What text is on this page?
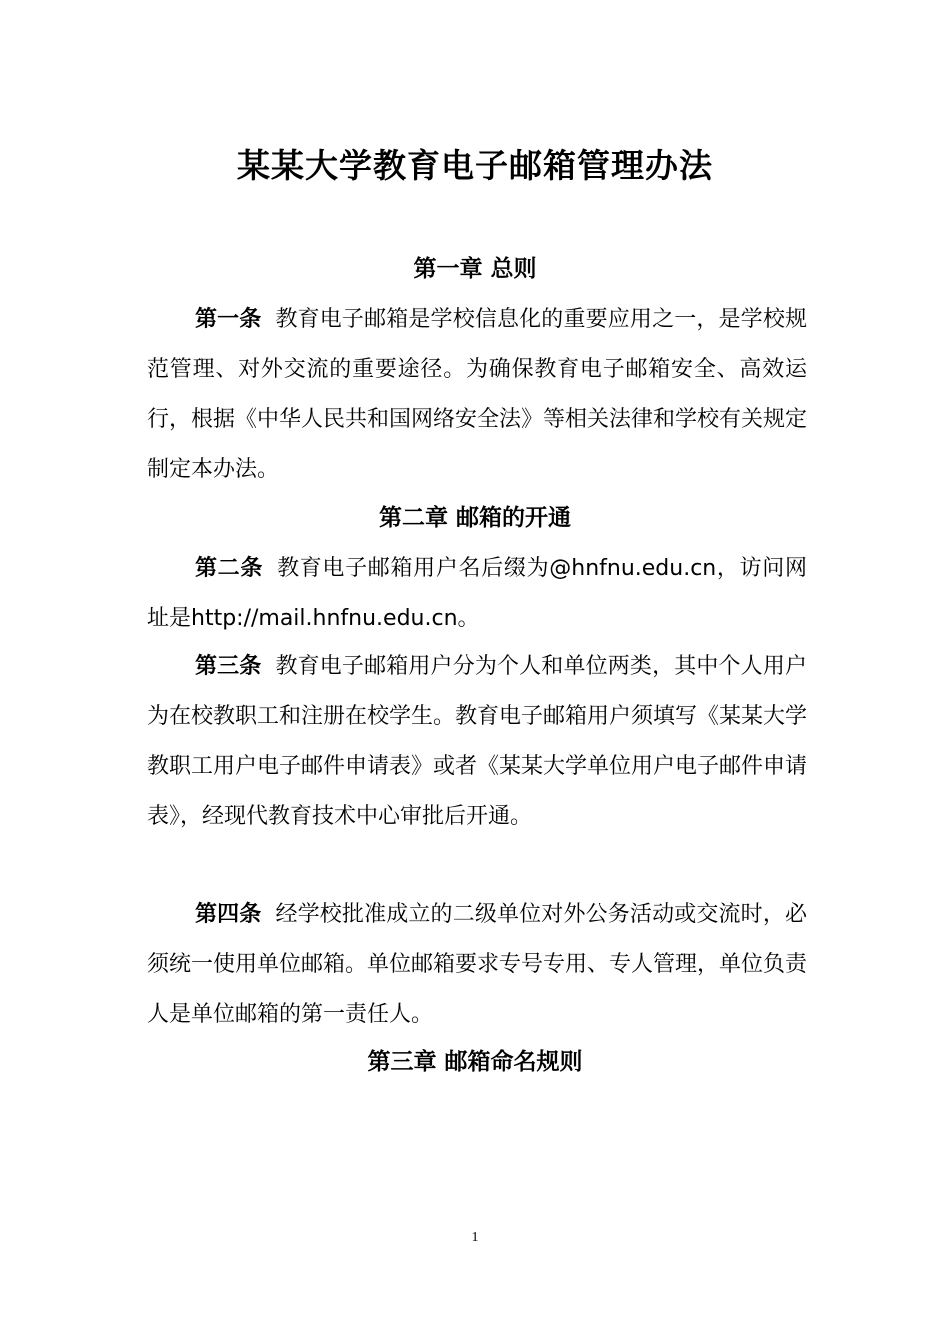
某某大学教育电子邮箱管理办法
第一章 总则

第一条 教育电子邮箱是学校信息化的重要应用之一，是学校规范管理、对外交流的重要途径。为确保教育电子邮箱安全、高效运行，根据《中华人民共和国网络安全法》等相关法律和学校有关规定制定本办法。

第二章 邮箱的开通

第二条 教育电子邮箱用户名后缀为@hnfnu.edu.cn，访问网址是http://mail.hnfnu.edu.cn。

第三条 教育电子邮箱用户分为个人和单位两类，其中个人用户为在校教职工和注册在校学生。教育电子邮箱用户须填写《某某大学教职工用户电子邮件申请表》或者《某某大学单位用户电子邮件申请表》，经现代教育技术中心审批后开通。

第四条 经学校批准成立的二级单位对外公务活动或交流时，必须统一使用单位邮箱。单位邮箱要求专号专用、专人管理，单位负责人是单位邮箱的第一责任人。

第三章 邮箱命名规则
1
